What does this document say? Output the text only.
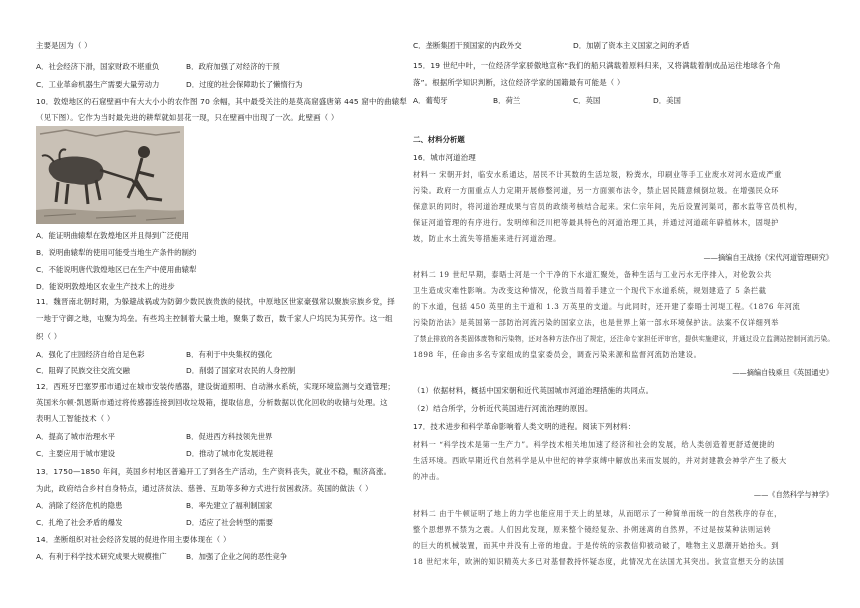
主要是因为（ ）
A．社会经济下滑，国家财政不堪重负	B．政府加强了对经济的干预
C．工业革命机器生产需要大量劳动力	D．过度的社会保障助长了懒惰行为
10．敦煌地区的石窟壁画中有大大小小的农作图 70 余幅，其中最受关注的是莫高窟盛唐第 445 窟中的曲辕犁
（见下图）。它作为当时最先进的耕犁就如昙花一现，只在壁画中出现了一次。此壁画（ ）
A．能证明曲辕犁在敦煌地区并且得到广泛使用
B．说明曲辕犁的使用可能受当地生产条件的制约
C．不能说明唐代敦煌地区已在生产中使用曲辕犁
D．能说明敦煌地区农业生产技术上的进步
11．魏晋南北朝时期，为躲避战祸或为防御少数民族贵族的侵扰，中原地区世家豪强常以聚族宗族乡党，择
一地于守御之地，屯聚为坞垒。有些坞主控制着大量土地，聚集了数百，数千家人户坞民为其劳作。这一组
织（ ）
A．强化了庄园经济自给自足色彩	B．有利于中央集权的强化
C．阻碍了民族交往交流交融	D．削弱了国家对农民的人身控制
12．西班牙巴塞罗那市通过在城市安装传感器，建设街道照明、自动淋水系统，实现环境监测与交通管理；
英国米尔顿·凯恩斯市通过将传感器连接到回收垃圾箱，提取信息，分析数据以优化回收的收储与处理。这
表明人工智能技术（ ）
A．提高了城市治理水平	B．促进西方科技领先世界
C．主要应用于城市建设	D．推动了城市化发展进程
13．1750—1850 年间，英国乡村地区普遍开工了到各生产活动，生产资料丧失，就业不稳，赈济高涨。
为此，政府结合乡村自身特点，通过济贫法、慈善、互助等多种方式进行贫困救济。英国的做法（ ）
A．消除了经济危机的隐患	B．率先建立了福利制国家
C．扎绝了社会矛盾的爆发	D．适应了社会转型的需要
14．垄断组织对社会经济发展的促进作用主要体现在（ ）
A．有利于科学技术研究成果大规模推广	B．加强了企业之间的恶性竞争
C．垄断集团干预国家的内政外交	D．加剧了资本主义国家之间的矛盾
15．19 世纪中叶，一位经济学家骄傲地宣称“我们的船只满载着原料归来，又将满载着制成品运往地球各个角
落”。根据所学知识判断，这位经济学家的国籍最有可能是（ ）
A．葡萄牙	B．荷兰	C．英国	D．美国
二、材料分析题
16．城市河道治理
材料一 宋朝开封，临安水系通达，居民不计其数的生活垃圾，粉粪水，印刷业等手工业废水对河水造成严重
污染。政府一方面重点人力定期开展修整河道，另一方面颁布法令，禁止居民随意倾倒垃圾。在增强民众环
保意识的同时，将河道治理成果与官员的政绩考核结合起来。宋仁宗年间，先后设置河渠司，都水监等官员机构，
保证河道管理的有序进行。发明绰和泛川杷等最具特色的河道治理工具，并通过河道疏年辟植林木，固堤护
坡，防止水土流失等措施来进行河道治理。
——摘编自王战扬《宋代河道管理研究》
材料二 19 世纪早期，泰晤士河是一个干净的下水道汇聚处，备种生活与工业污水无序排入，对伦敦公共
卫生造成灾难性影响。为改变这种情况，伦敦当局着手建立一个现代下水道系统，规划建造了 5 条拦截
的下水道，包括 450 英里的主干道和 1.3 万英里的支道。与此同时，还开建了泰晤士河堤工程。《1876 年河流
污染防治法》是英国第一部防治河流污染的国家立法，也是世界上第一部水环境保护法。法案不仅详细列举
了禁止排放的各类固体废物和污染物，还对各种方法作出了规定，还注命专家担任评审官，提供实施建议，并通过设立监测站控制河流污染。
1898 年，任命由多名专家组成的皇家委员会，调查污染来源和监督河流防治建设。
——摘编自钱乘旦《英国通史》
（1）依据材料，概括中国宋朝和近代英国城市河道治理措施的共同点。
（2）结合所学，分析近代英国进行河流治理的原因。
17．技术进步和科学革命影响着人类文明的进程。阅读下列材料：
材料一 “科学技术是第一生产力”。科学技术相关地加速了经济和社会的发展，给人类创造着更舒适便捷的
生活环境。西欧早期近代自然科学是从中世纪的神学束缚中解放出来而发展的，并对封建教会神学产生了极大
的冲击。
——《自然科学与神学》
材料二 由于牛顿证明了地上的力学也能应用于天上的星球，从而昭示了一种简单而统一的自然秩序的存在，
整个思想界不禁为之震。人们因此发现，原来整个镜经复杂、扑朔迷离的自然界，不过是按某种法则运转
的巨大的机械装置，而其中并没有上帝的地盘。于是传统的宗教信仰被动破了，唯物主义思潮开始抬头。到
18 世纪末年，欧洲的知识精英大多已对基督教持怀疑态度，此情况尤在法国尤其突出。狄宣宣想天分的法国
